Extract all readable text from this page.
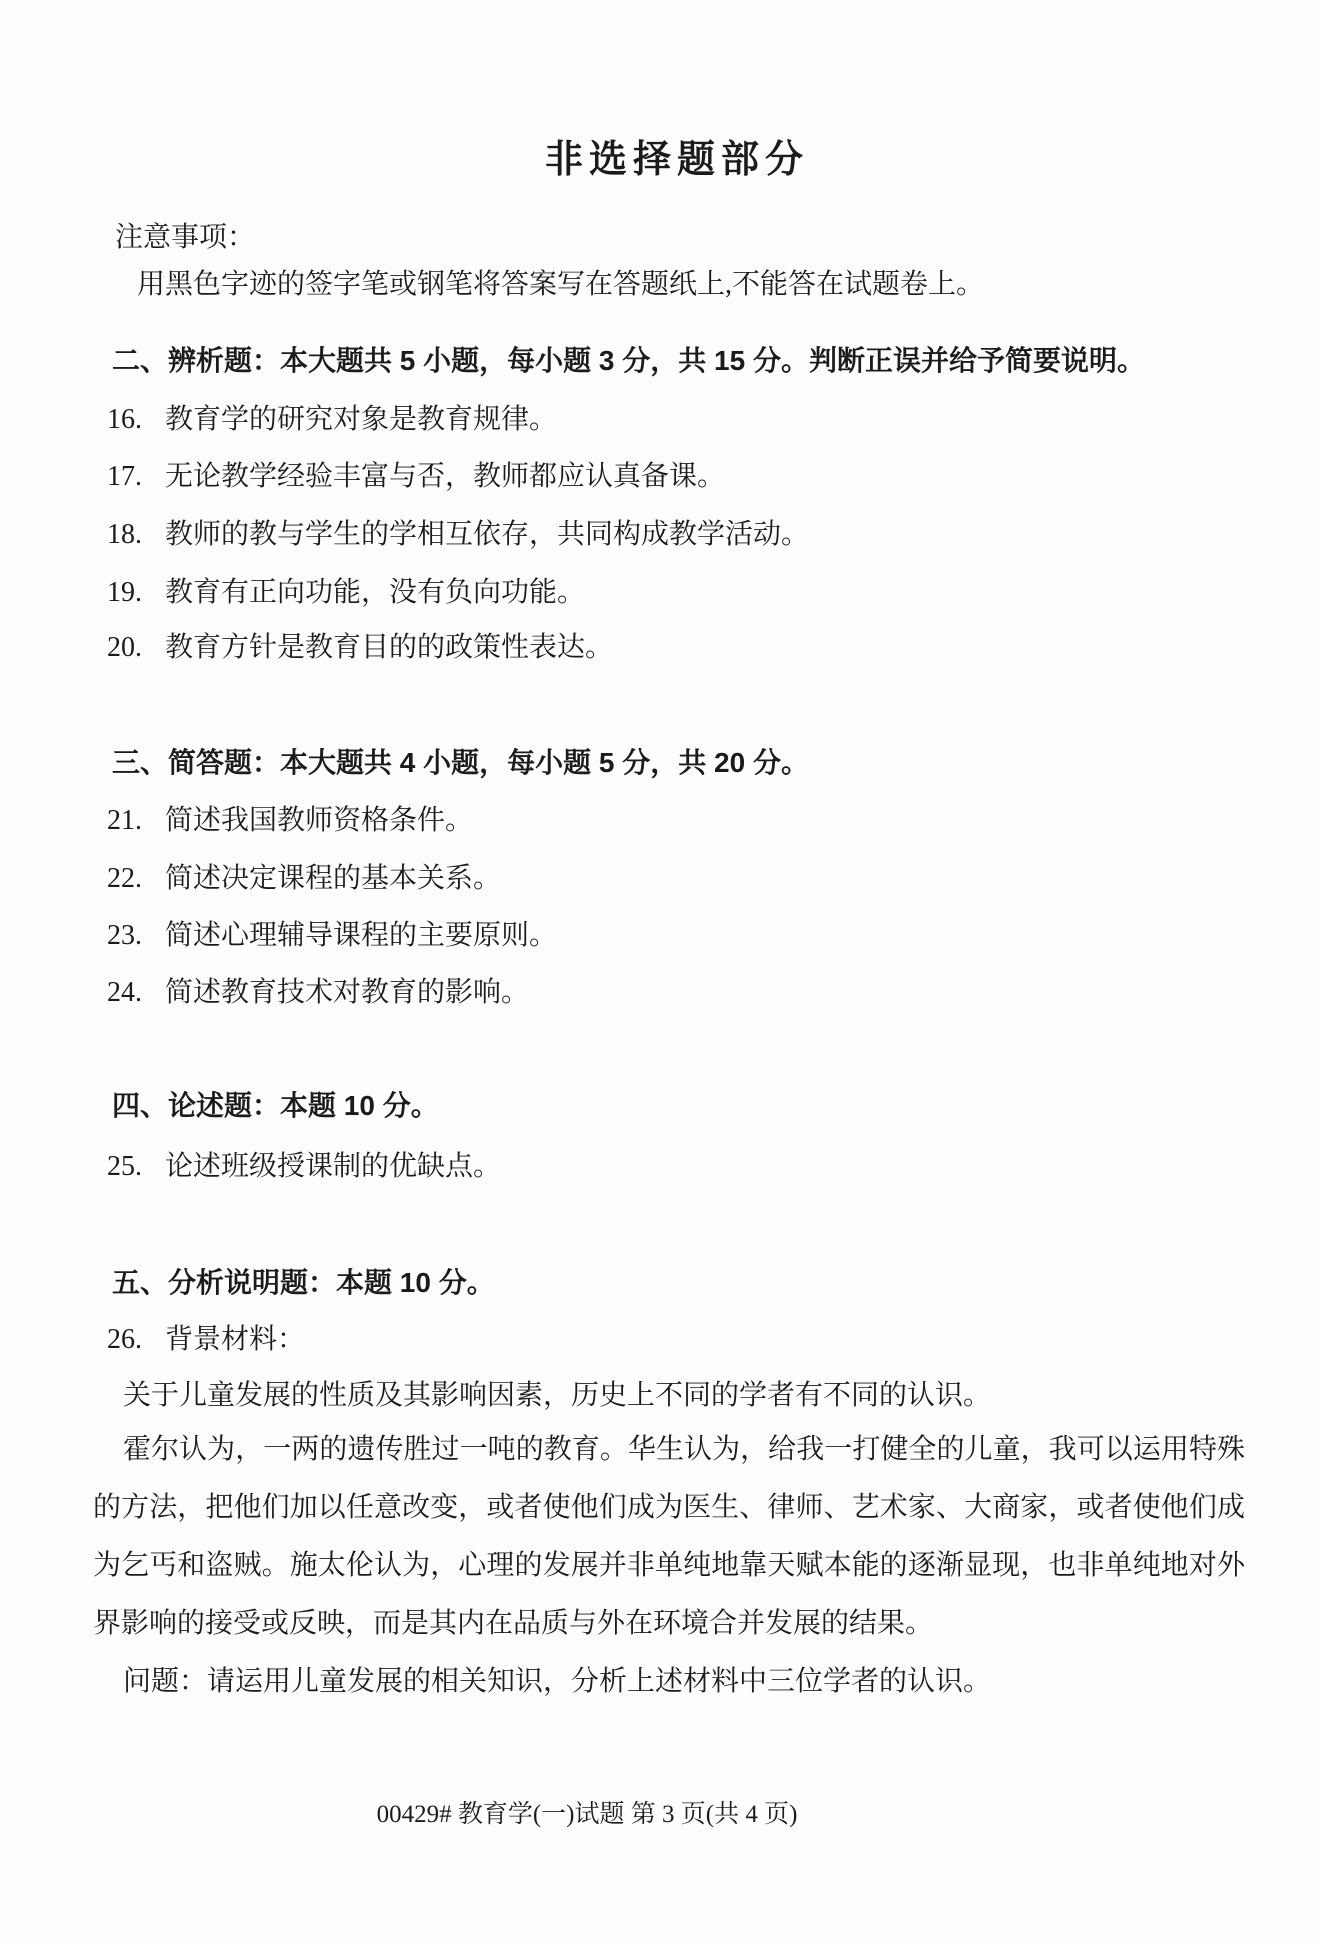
非选择题部分
注意事项：
用黑色字迹的签字笔或钢笔将答案写在答题纸上,不能答在试题卷上。
二、辨析题：本大题共 5 小题，每小题 3 分，共 15 分。判断正误并给予简要说明。
16. 教育学的研究对象是教育规律。
17. 无论教学经验丰富与否，教师都应认真备课。
18. 教师的教与学生的学相互依存，共同构成教学活动。
19. 教育有正向功能，没有负向功能。
20. 教育方针是教育目的的政策性表达。
三、简答题：本大题共 4 小题，每小题 5 分，共 20 分。
21. 简述我国教师资格条件。
22. 简述决定课程的基本关系。
23. 简述心理辅导课程的主要原则。
24. 简述教育技术对教育的影响。
四、论述题：本题 10 分。
25. 论述班级授课制的优缺点。
五、分析说明题：本题 10 分。
26. 背景材料：
关于儿童发展的性质及其影响因素，历史上不同的学者有不同的认识。
霍尔认为，一两的遗传胜过一吨的教育。华生认为，给我一打健全的儿童，我可以运用特殊的方法，把他们加以任意改变，或者使他们成为医生、律师、艺术家、大商家，或者使他们成为乞丐和盗贼。施太伦认为，心理的发展并非单纯地靠天赋本能的逐渐显现，也非单纯地对外界影响的接受或反映，而是其内在品质与外在环境合并发展的结果。
问题：请运用儿童发展的相关知识，分析上述材料中三位学者的认识。
00429# 教育学(一)试题 第 3 页(共 4 页)
